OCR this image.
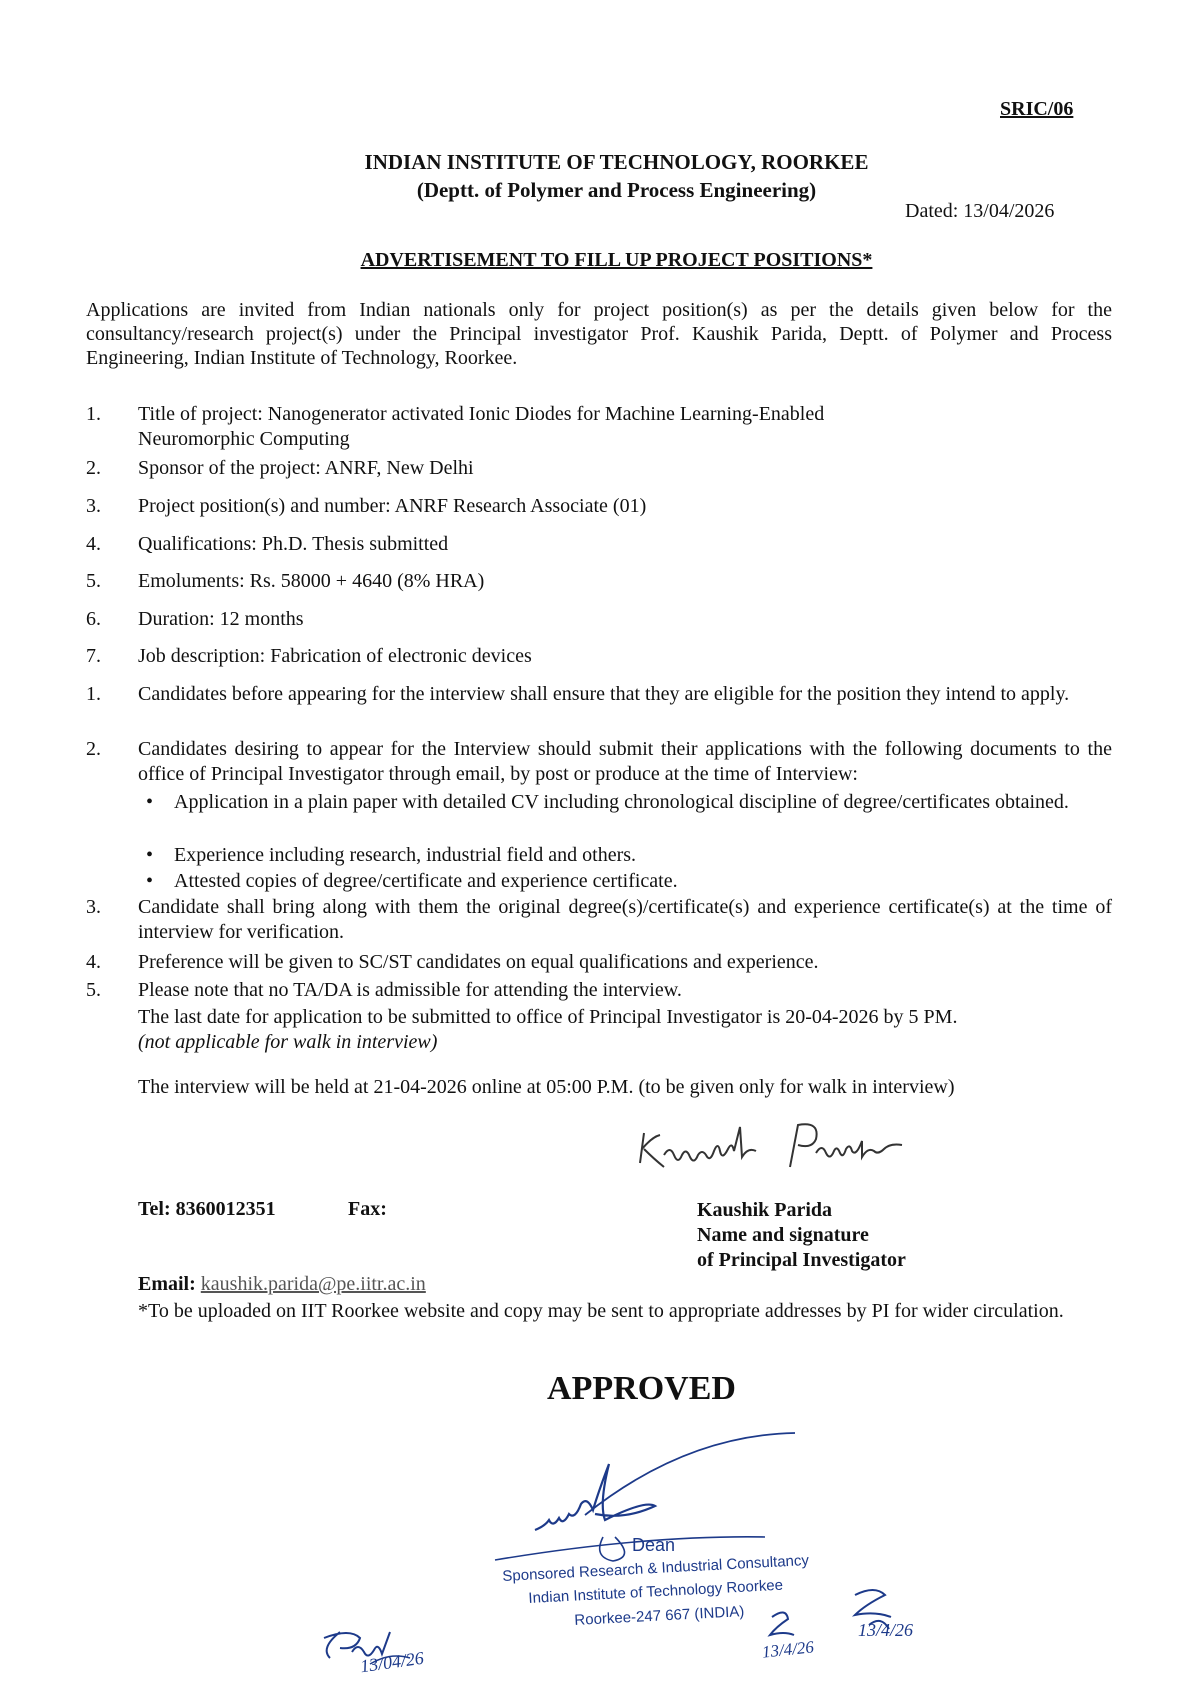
SRIC/06
INDIAN INSTITUTE OF TECHNOLOGY, ROORKEE
(Deptt. of Polymer and Process Engineering)
Dated: 13/04/2026
ADVERTISEMENT TO FILL UP PROJECT POSITIONS*
Applications are invited from Indian nationals only for project position(s) as per the details given below for the consultancy/research project(s) under the Principal investigator Prof. Kaushik Parida, Deptt. of Polymer and Process Engineering, Indian Institute of Technology, Roorkee.
1. Title of project: Nanogenerator activated Ionic Diodes for Machine Learning-Enabled
Neuromorphic Computing
2. Sponsor of the project: ANRF, New Delhi
3. Project position(s) and number: ANRF Research Associate (01)
4. Qualifications: Ph.D. Thesis submitted
5. Emoluments: Rs. 58000 + 4640 (8% HRA)
6. Duration: 12 months
7. Job description: Fabrication of electronic devices
1. Candidates before appearing for the interview shall ensure that they are eligible for the position they intend to apply.
2. Candidates desiring to appear for the Interview should submit their applications with the following documents to the office of Principal Investigator through email, by post or produce at the time of Interview:
• Application in a plain paper with detailed CV including chronological discipline of degree/certificates obtained.
• Experience including research, industrial field and others.
• Attested copies of degree/certificate and experience certificate.
3. Candidate shall bring along with them the original degree(s)/certificate(s) and experience certificate(s) at the time of interview for verification.
4. Preference will be given to SC/ST candidates on equal qualifications and experience.
5. Please note that no TA/DA is admissible for attending the interview.
The last date for application to be submitted to office of Principal Investigator is 20-04-2026 by 5 PM.
(not applicable for walk in interview)
The interview will be held at 21-04-2026 online at 05:00 P.M. (to be given only for walk in interview)
Tel: 8360012351	Fax:	Kaushik Parida
Name and signature
of Principal Investigator
Email: kaushik.parida@pe.iitr.ac.in
*To be uploaded on IIT Roorkee website and copy may be sent to appropriate addresses by PI for wider circulation.
APPROVED
Dean
Sponsored Research & Industrial Consultancy
Indian Institute of Technology Roorkee
Roorkee-247 667 (INDIA)
13/04/26
13/4/26
13/4/26
